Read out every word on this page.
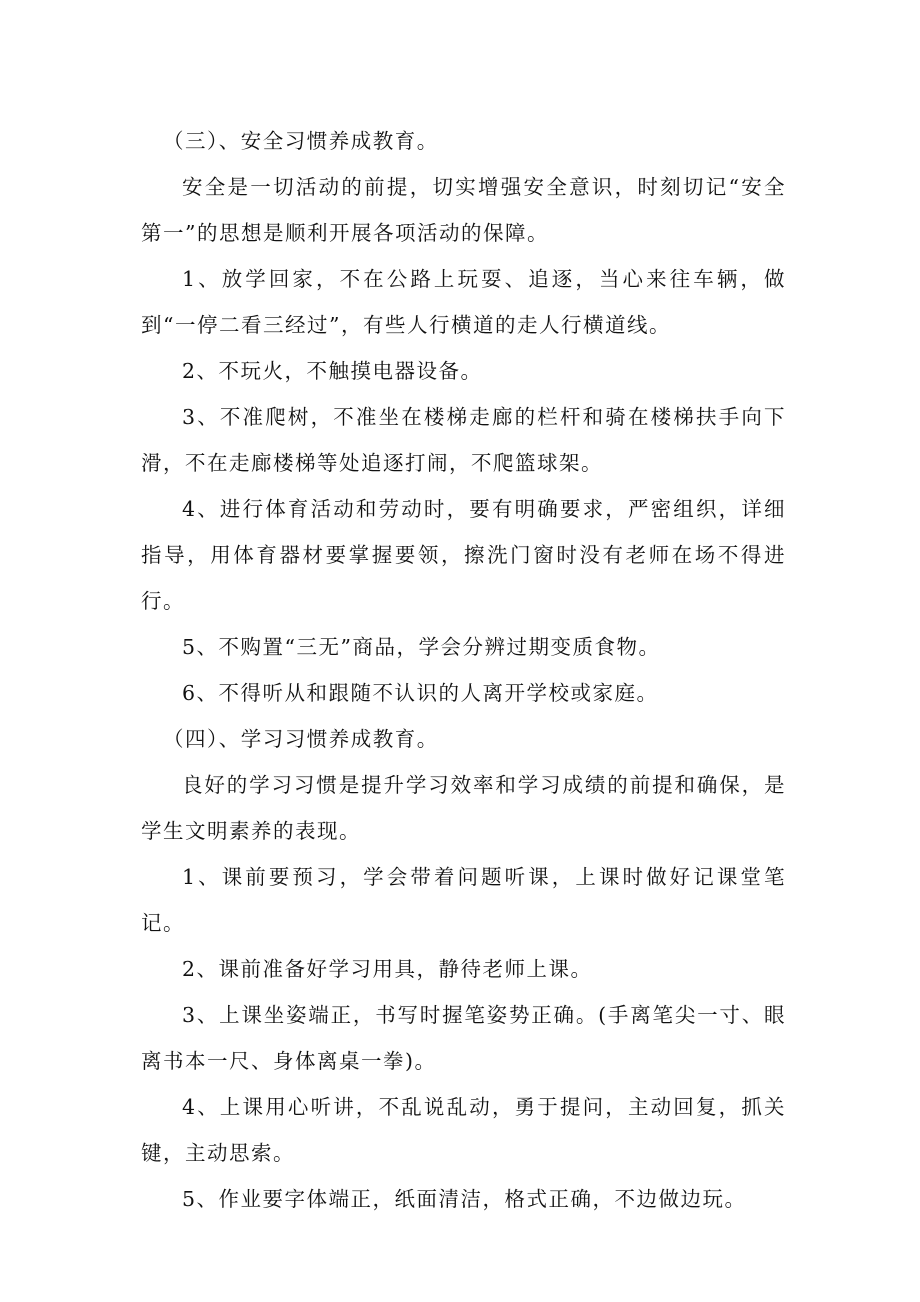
（三）、安全习惯养成教育。

安全是一切活动的前提，切实增强安全意识，时刻切记“安全第一”的思想是顺利开展各项活动的保障。

1、放学回家，不在公路上玩耍、追逐，当心来往车辆，做到“一停二看三经过”，有些人行横道的走人行横道线。

2、不玩火，不触摸电器设备。

3、不准爬树，不准坐在楼梯走廊的栏杆和骑在楼梯扶手向下滑，不在走廊楼梯等处追逐打闹，不爬篮球架。

4、进行体育活动和劳动时，要有明确要求，严密组织，详细指导，用体育器材要掌握要领，擦洗门窗时没有老师在场不得进行。

5、不购置“三无”商品，学会分辨过期变质食物。

6、不得听从和跟随不认识的人离开学校或家庭。

（四）、学习习惯养成教育。

良好的学习习惯是提升学习效率和学习成绩的前提和确保，是学生文明素养的表现。

1、课前要预习，学会带着问题听课，上课时做好记课堂笔记。

2、课前准备好学习用具，静待老师上课。

3、上课坐姿端正，书写时握笔姿势正确。(手离笔尖一寸、眼离书本一尺、身体离桌一拳)。

4、上课用心听讲，不乱说乱动，勇于提问，主动回复，抓关键，主动思索。

5、作业要字体端正，纸面清洁，格式正确，不边做边玩。
